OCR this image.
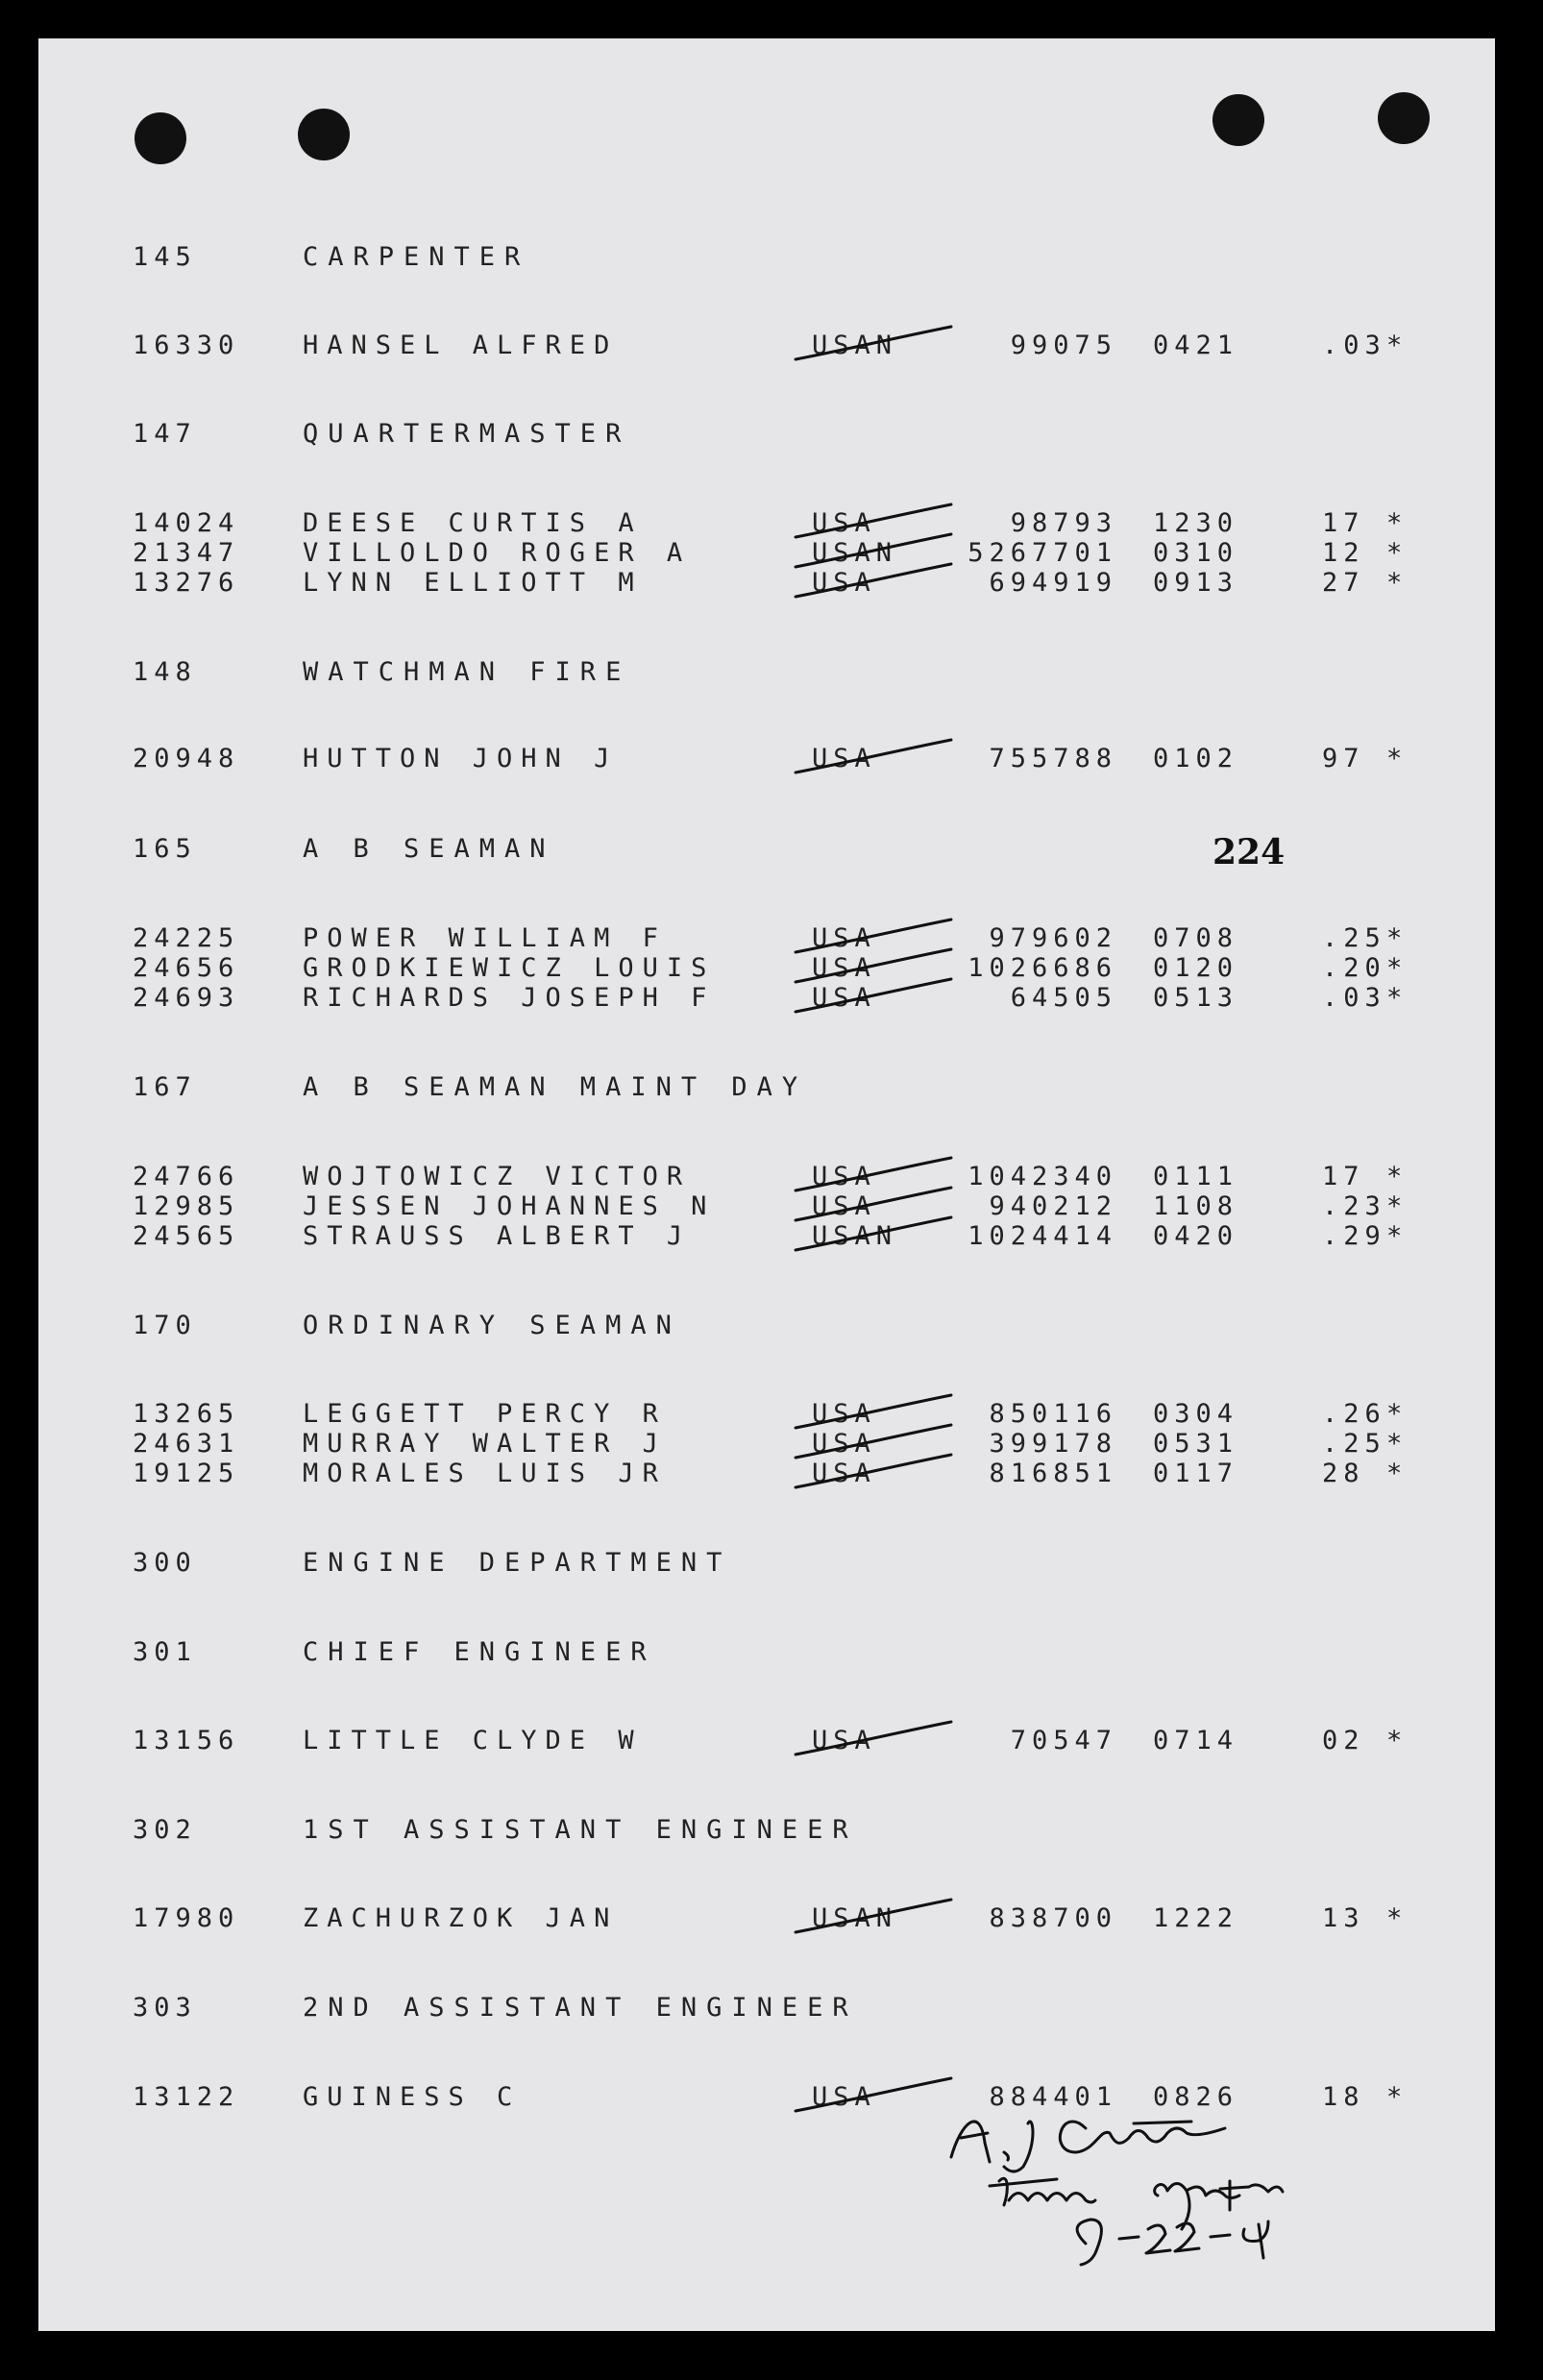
145	CARPENTER
16330 HANSEL ALFRED	USAN	99075 0421	.03 *
147	QUARTERMASTER
14024 DEESE CURTIS A	USA	98793 1230	17 *
21347 VILLOLDO ROGER A	USAN	5267701 0310	12 *
13276 LYNN ELLIOTT M	USA	694919 0913	27 *
148	WATCHMAN FIRE
20948 HUTTON JOHN J	USA	755788 0102	97 *
165	A B SEAMAN
24225 POWER WILLIAM F	USA	979602 0708	.25 *
24656 GRODKIEWICZ LOUIS	USA	1026686 0120	.20 *
24693 RICHARDS JOSEPH F	USA	64505 0513	.03 *
167	A B SEAMAN MAINT DAY
24766 WOJTOWICZ VICTOR	USA	1042340 0111	17 *
12985 JESSEN JOHANNES N	USA	940212 1108	.23 *
24565 STRAUSS ALBERT J	USAN	1024414 0420	.29 *
170	ORDINARY SEAMAN
13265 LEGGETT PERCY R	USA	850116 0304	.26 *
24631 MURRAY WALTER J	USA	399178 0531	.25 *
19125 MORALES LUIS JR	USA	816851 0117	28 *
300	ENGINE DEPARTMENT
301	CHIEF ENGINEER
13156 LITTLE CLYDE W	USA	70547 0714	02 *
302	1ST ASSISTANT ENGINEER
17980 ZACHURZOK JAN	USAN	838700 1222	13 *
303	2ND ASSISTANT ENGINEER
13122 GUINESS C	USA	884401 0826	18 *
224
